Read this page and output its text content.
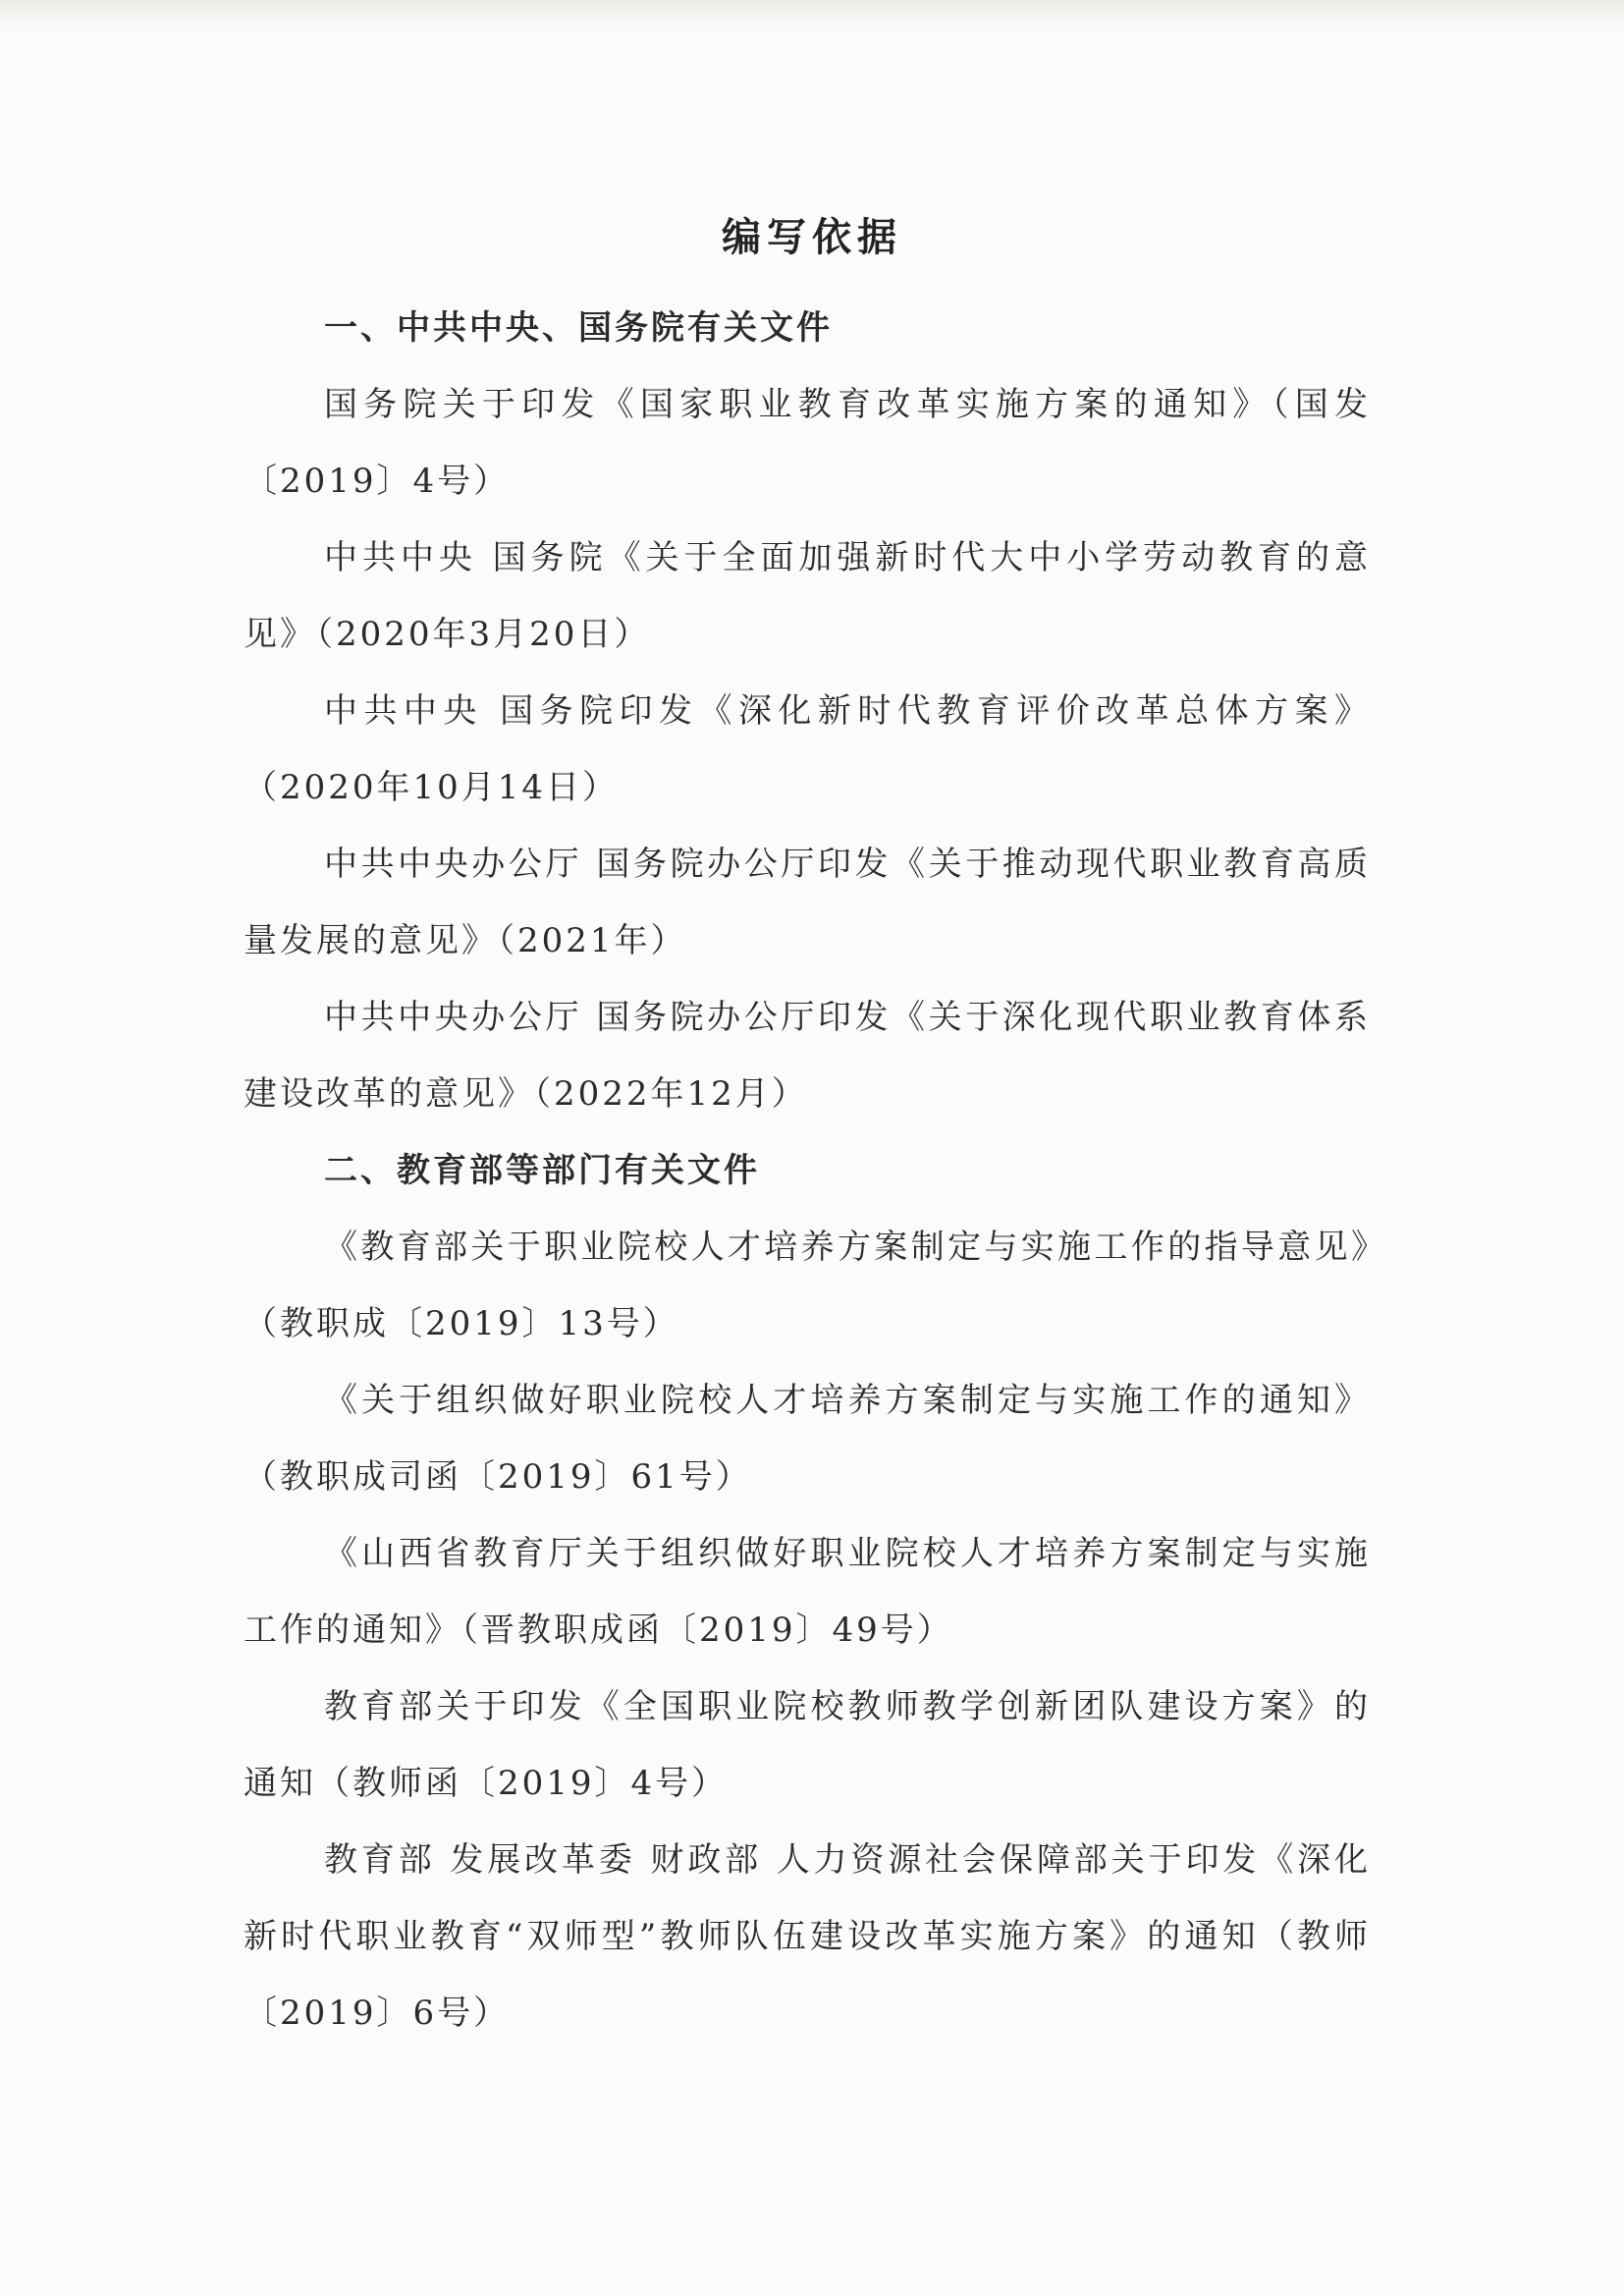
编写依据

一、中共中央、国务院有关文件

国务院关于印发《国家职业教育改革实施方案的通知》（国发〔2019〕4号）

中共中央 国务院《关于全面加强新时代大中小学劳动教育的意见》（2020年3月20日）

中共中央 国务院印发《深化新时代教育评价改革总体方案》（2020年10月14日）

中共中央办公厅 国务院办公厅印发《关于推动现代职业教育高质量发展的意见》（2021年）

中共中央办公厅 国务院办公厅印发《关于深化现代职业教育体系建设改革的意见》（2022年12月）

二、教育部等部门有关文件

《教育部关于职业院校人才培养方案制定与实施工作的指导意见》（教职成〔2019〕13号）

《关于组织做好职业院校人才培养方案制定与实施工作的通知》（教职成司函〔2019〕61号）

《山西省教育厅关于组织做好职业院校人才培养方案制定与实施工作的通知》（晋教职成函〔2019〕49号）

教育部关于印发《全国职业院校教师教学创新团队建设方案》的通知（教师函〔2019〕4号）

教育部 发展改革委 财政部 人力资源社会保障部关于印发《深化新时代职业教育“双师型”教师队伍建设改革实施方案》的通知（教师〔2019〕6号）
